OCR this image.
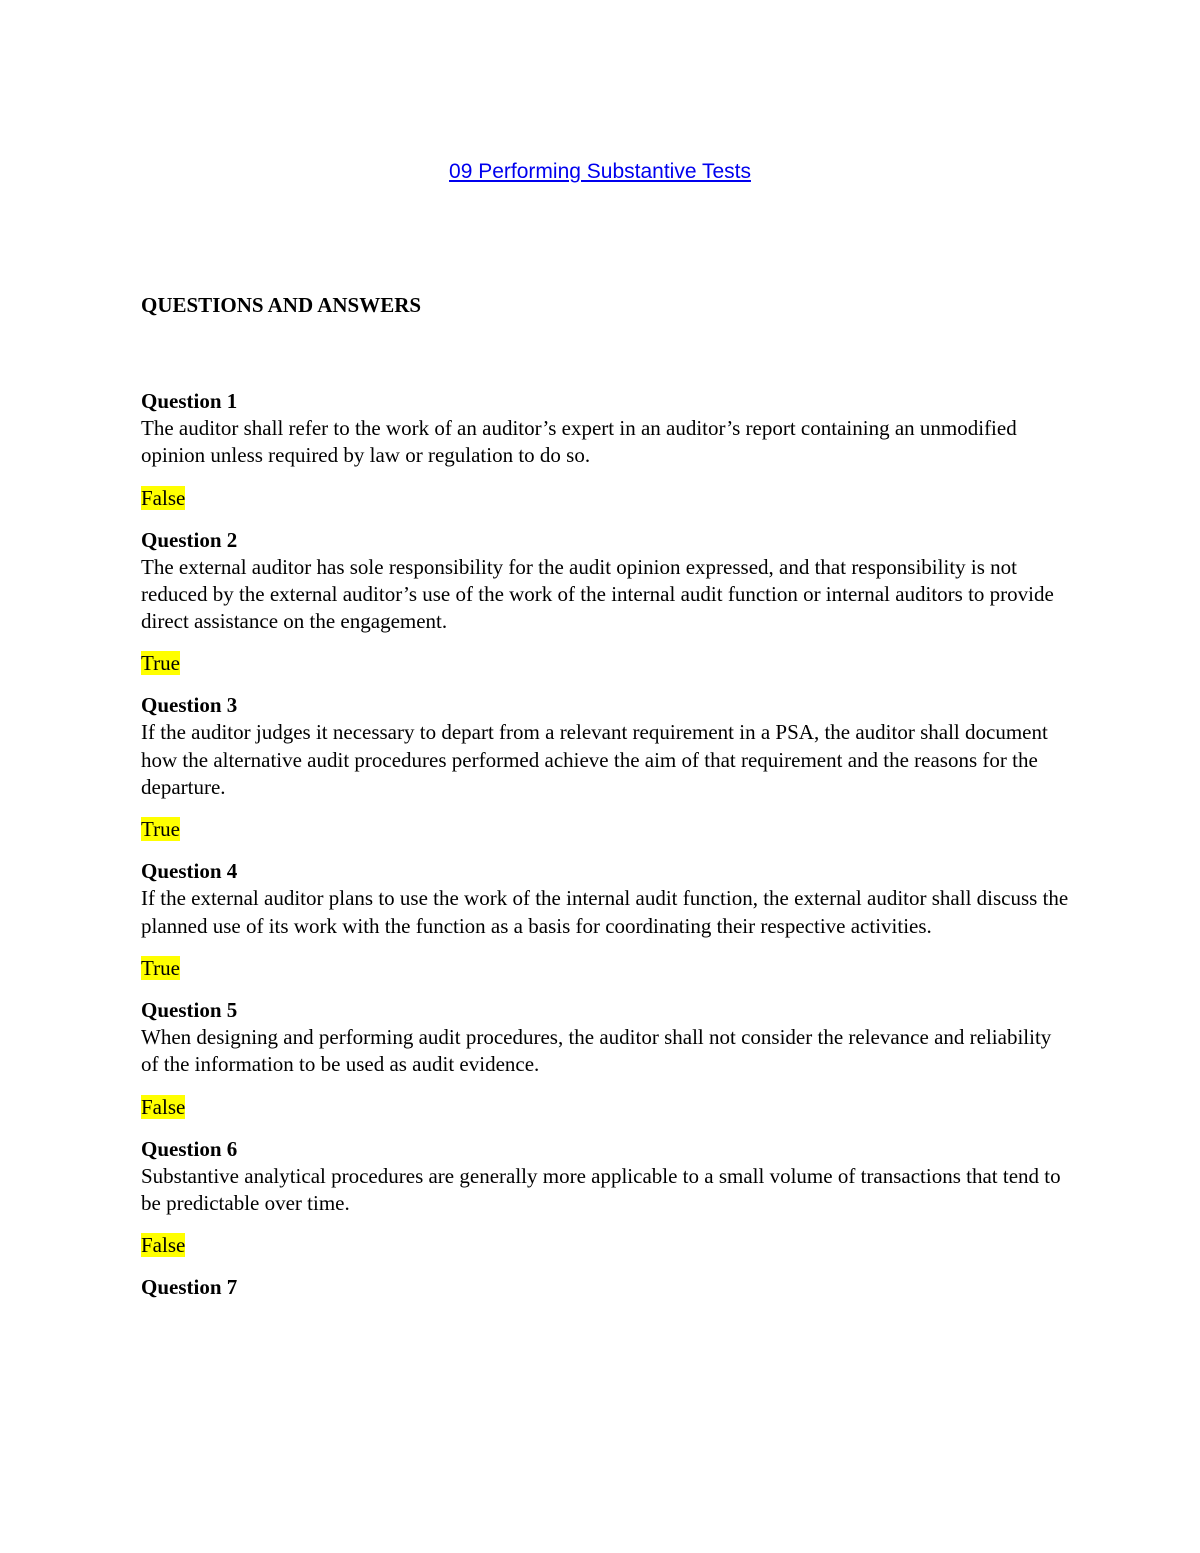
09 Performing Substantive Tests
QUESTIONS AND ANSWERS

Question 1

The auditor shall refer to the work of an auditor’s expert in an auditor’s report containing an unmodified opinion unless required by law or regulation to do so.

False

Question 2

The external auditor has sole responsibility for the audit opinion expressed, and that responsibility is not reduced by the external auditor’s use of the work of the internal audit function or internal auditors to provide direct assistance on the engagement.

True

Question 3

If the auditor judges it necessary to depart from a relevant requirement in a PSA, the auditor shall document how the alternative audit procedures performed achieve the aim of that requirement and the reasons for the departure.

True

Question 4

If the external auditor plans to use the work of the internal audit function, the external auditor shall discuss the planned use of its work with the function as a basis for coordinating their respective activities.

True

Question 5

When designing and performing audit procedures, the auditor shall not consider the relevance and reliability of the information to be used as audit evidence.

False

Question 6

Substantive analytical procedures are generally more applicable to a small volume of transactions that tend to be predictable over time.

False

Question 7
